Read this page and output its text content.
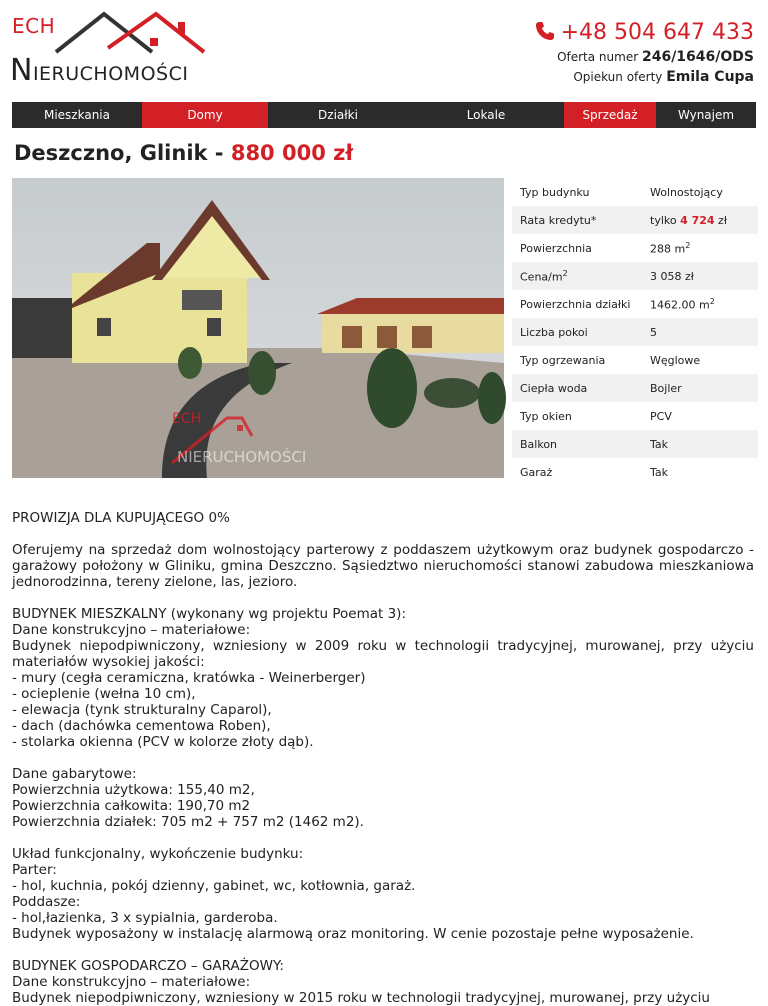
ECH
NIERUCHOMOŚCI
+48 504 647 433
Oferta numer 246/1646/ODS
Opiekun oferty Emila Cupa
Mieszkania	Domy	Działki	Lokale	Sprzedaż	Wynajem
Deszczno, Glinik - 880 000 zł
ECH
NIERUCHOMOŚCI
Typ budynku	Wolnostojący
Rata kredytu*	tylko 4 724 zł
Powierzchnia	288 $m^2$
Cena/$m^2$	3 058 zł
Powierzchnia działki	1462.00 $m^2$
Liczba pokoi	5
Typ ogrzewania	Węglowe
Ciepła woda	Bojler
Typ okien	PCV
Balkon	Tak
Garaż	Tak

PROWIZJA DLA KUPUJĄCEGO 0%

Oferujemy na sprzedaż dom wolnostojący parterowy z poddaszem użytkowym oraz budynek gospodarczo - garażowy położony w Gliniku, gmina Deszczno. Sąsiedztwo nieruchomości stanowi zabudowa mieszkaniowa jednorodzinna, tereny zielone, las, jezioro.

BUDYNEK MIESZKALNY (wykonany wg projektu Poemat 3):
Dane konstrukcyjno – materiałowe:
Budynek niepodpiwniczony, wzniesiony w 2009 roku w technologii tradycyjnej, murowanej, przy użyciu materiałów wysokiej jakości:
- mury (cegła ceramiczna, kratówka - Weinerberger)
- ocieplenie (wełna 10 cm),
- elewacja (tynk strukturalny Caparol),
- dach (dachówka cementowa Roben),
- stolarka okienna (PCV w kolorze złoty dąb).

Dane gabarytowe:
Powierzchnia użytkowa: 155,40 m2,
Powierzchnia całkowita: 190,70 m2
Powierzchnia działek: 705 m2 + 757 m2 (1462 m2).

Układ funkcjonalny, wykończenie budynku:
Parter:
- hol, kuchnia, pokój dzienny, gabinet, wc, kotłownia, garaż.
Poddasze:
- hol,łazienka, 3 x sypialnia, garderoba.
Budynek wyposażony w instalację alarmową oraz monitoring. W cenie pozostaje pełne wyposażenie.

BUDYNEK GOSPODARCZO – GARAŻOWY:
Dane konstrukcyjno – materiałowe:
Budynek niepodpiwniczony, wzniesiony w 2015 roku w technologii tradycyjnej, murowanej, przy użyciu
